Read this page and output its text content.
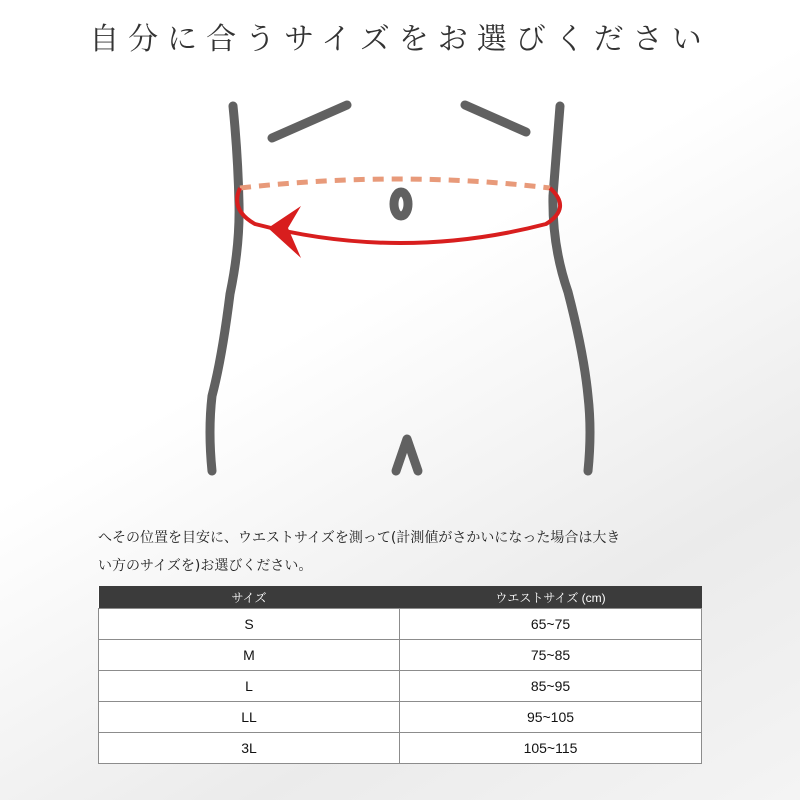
自分に合うサイズをお選びください
へその位置を目安に、ウエストサイズを測って(計測値がさかいになった場合は大き
い方のサイズを)お選びください。
サイズ	ウエストサイズ (cm)
S	65~75
M	75~85
L	85~95
LL	95~105
3L	105~115
